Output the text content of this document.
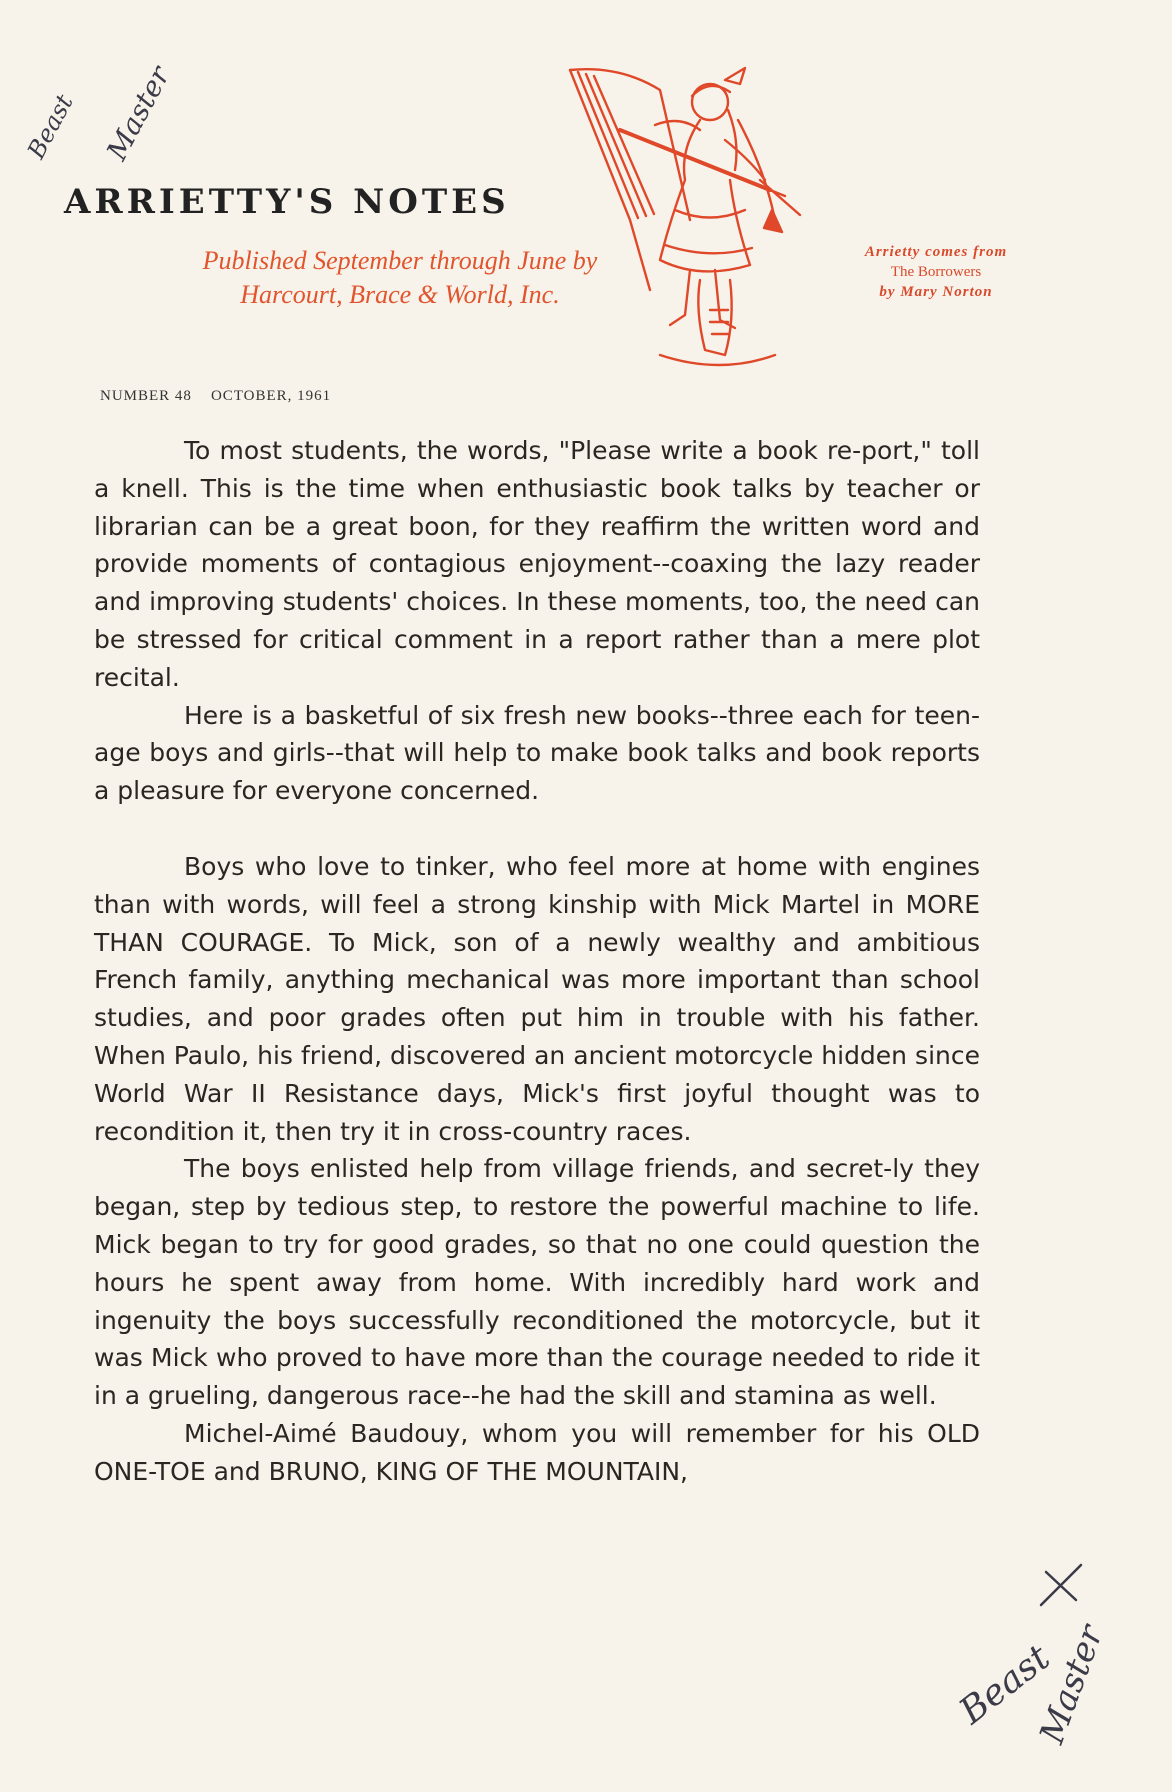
Beast Master
ARRIETTY'S NOTES
Published September through June by
Harcourt, Brace & World, Inc.
Arrietty comes from
The Borrowers
by Mary Norton
NUMBER 48 OCTOBER, 1961

To most students, the words, "Please write a book re-port," toll a knell. This is the time when enthusiastic book talks by teacher or librarian can be a great boon, for they reaffirm the written word and provide moments of contagious enjoyment--coaxing the lazy reader and improving students' choices. In these moments, too, the need can be stressed for critical comment in a report rather than a mere plot recital.

Here is a basketful of six fresh new books--three each for teen-age boys and girls--that will help to make book talks and book reports a pleasure for everyone concerned.

Boys who love to tinker, who feel more at home with engines than with words, will feel a strong kinship with Mick Martel in MORE THAN COURAGE. To Mick, son of a newly wealthy and ambitious French family, anything mechanical was more important than school studies, and poor grades often put him in trouble with his father. When Paulo, his friend, discovered an ancient motorcycle hidden since World War II Resistance days, Mick's first joyful thought was to recondition it, then try it in cross-country races.

The boys enlisted help from village friends, and secret-ly they began, step by tedious step, to restore the powerful machine to life. Mick began to try for good grades, so that no one could question the hours he spent away from home. With incredibly hard work and ingenuity the boys successfully reconditioned the motorcycle, but it was Mick who proved to have more than the courage needed to ride it in a grueling, dangerous race--he had the skill and stamina as well.

Michel-Aimé Baudouy, whom you will remember for his OLD ONE-TOE and BRUNO, KING OF THE MOUNTAIN,

Beast
Master
